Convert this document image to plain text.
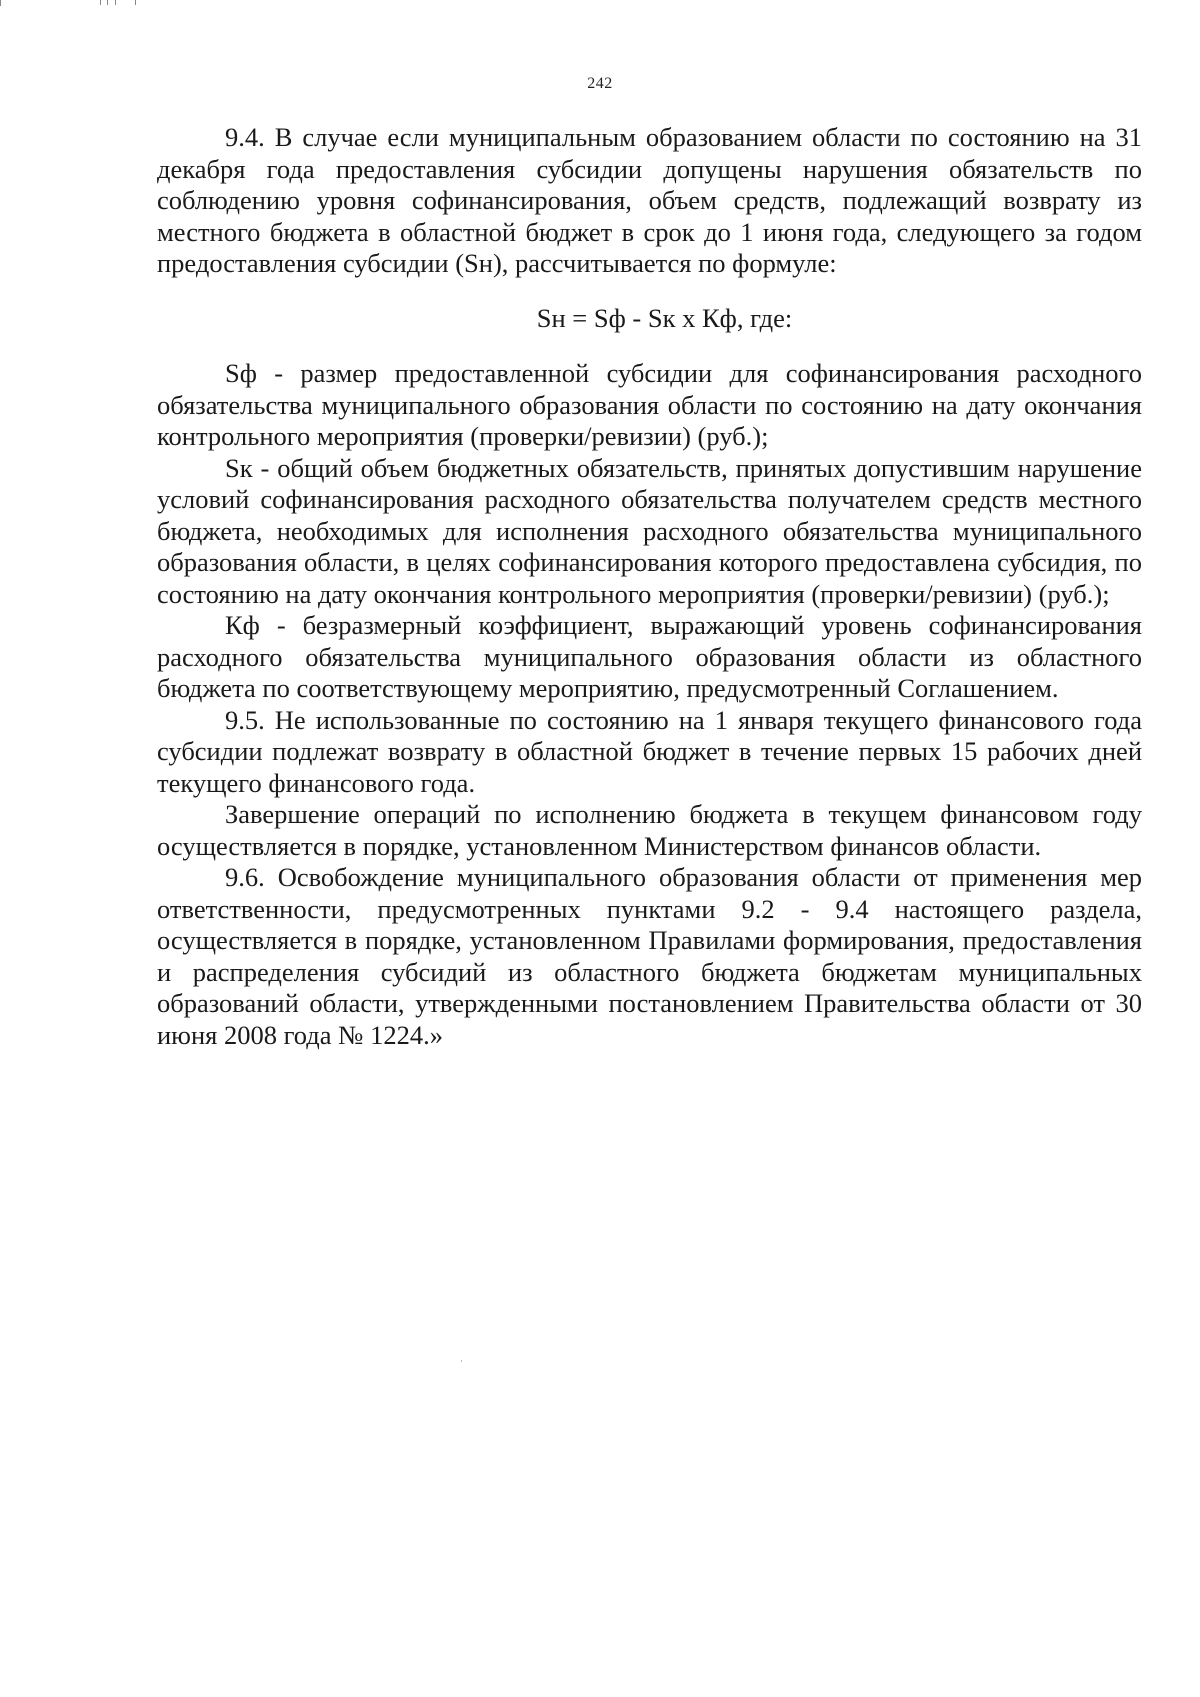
242

9.4. В случае если муниципальным образованием области по состоянию на 31 декабря года предоставления субсидии допущены нарушения обязательств по соблюдению уровня софинансирования, объем средств, подлежащий возврату из местного бюджета в областной бюджет в срок до 1 июня года, следующего за годом предоставления субсидии (Sн), рассчитывается по формуле:

Sн = Sф - Sк х Кф, где:

Sф - размер предоставленной субсидии для софинансирования расходного обязательства муниципального образования области по состоянию на дату окончания контрольного мероприятия (проверки/ревизии) (руб.);

Sк - общий объем бюджетных обязательств, принятых допустившим нарушение условий софинансирования расходного обязательства получателем средств местного бюджета, необходимых для исполнения расходного обязательства муниципального образования области, в целях софинансирования которого предоставлена субсидия, по состоянию на дату окончания контрольного мероприятия (проверки/ревизии) (руб.);

Кф - безразмерный коэффициент, выражающий уровень софинансирования расходного обязательства муниципального образования области из областного бюджета по соответствующему мероприятию, предусмотренный Соглашением.

9.5. Не использованные по состоянию на 1 января текущего финансового года субсидии подлежат возврату в областной бюджет в течение первых 15 рабочих дней текущего финансового года.

Завершение операций по исполнению бюджета в текущем финансовом году осуществляется в порядке, установленном Министерством финансов области.

9.6. Освобождение муниципального образования области от применения мер ответственности, предусмотренных пунктами 9.2 - 9.4 настоящего раздела, осуществляется в порядке, установленном Правилами формирования, предоставления и распределения субсидий из областного бюджета бюджетам муниципальных образований области, утвержденными постановлением Правительства области от 30 июня 2008 года № 1224.»
